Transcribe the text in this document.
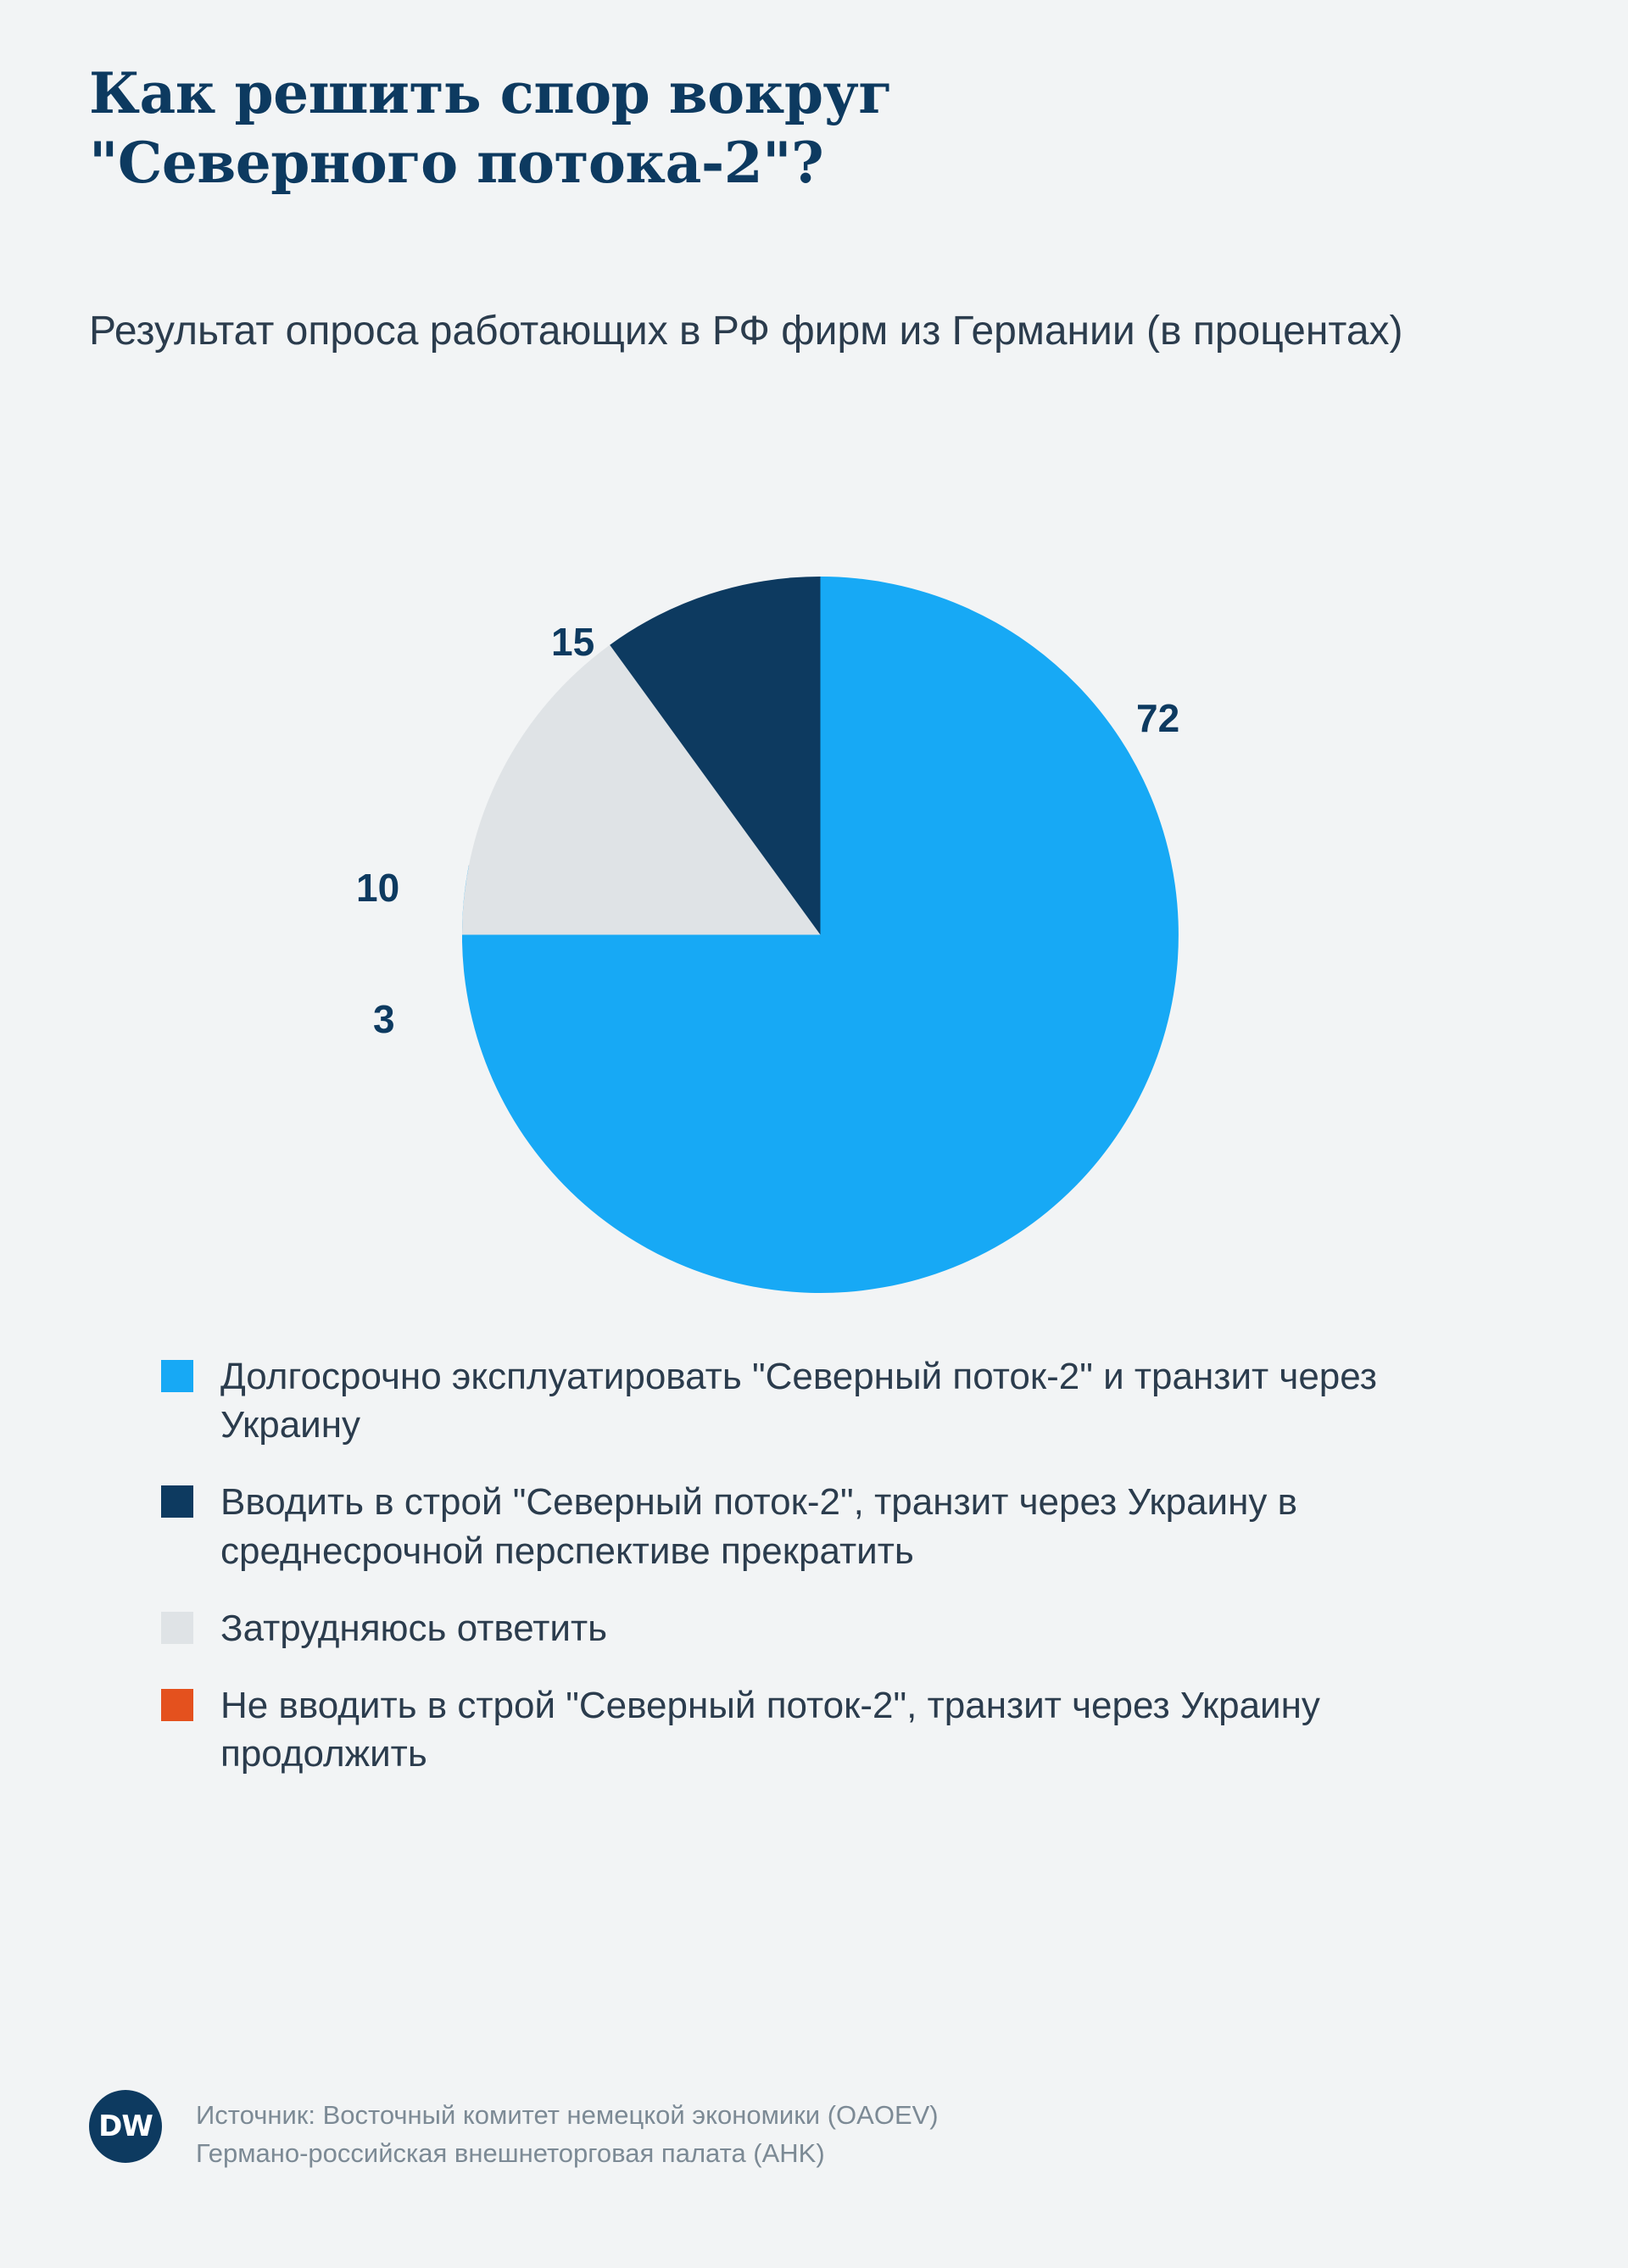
Как решить спор вокруг "Северного потока-2"?
Результат опроса работающих в РФ фирм из Германии (в процентах)
72
15
10
3
Долгосрочно эксплуатировать "Северный поток-2" и транзит через Украину
Вводить в строй "Северный поток-2", транзит через Украину в среднесрочной перспективе прекратить
Затрудняюсь ответить
Не вводить в строй "Северный поток-2", транзит через Украину продолжить
DW	Источник: Восточный комитет немецкой экономики (OAOEV)
Германо-российская внешнеторговая палата (AHK)
